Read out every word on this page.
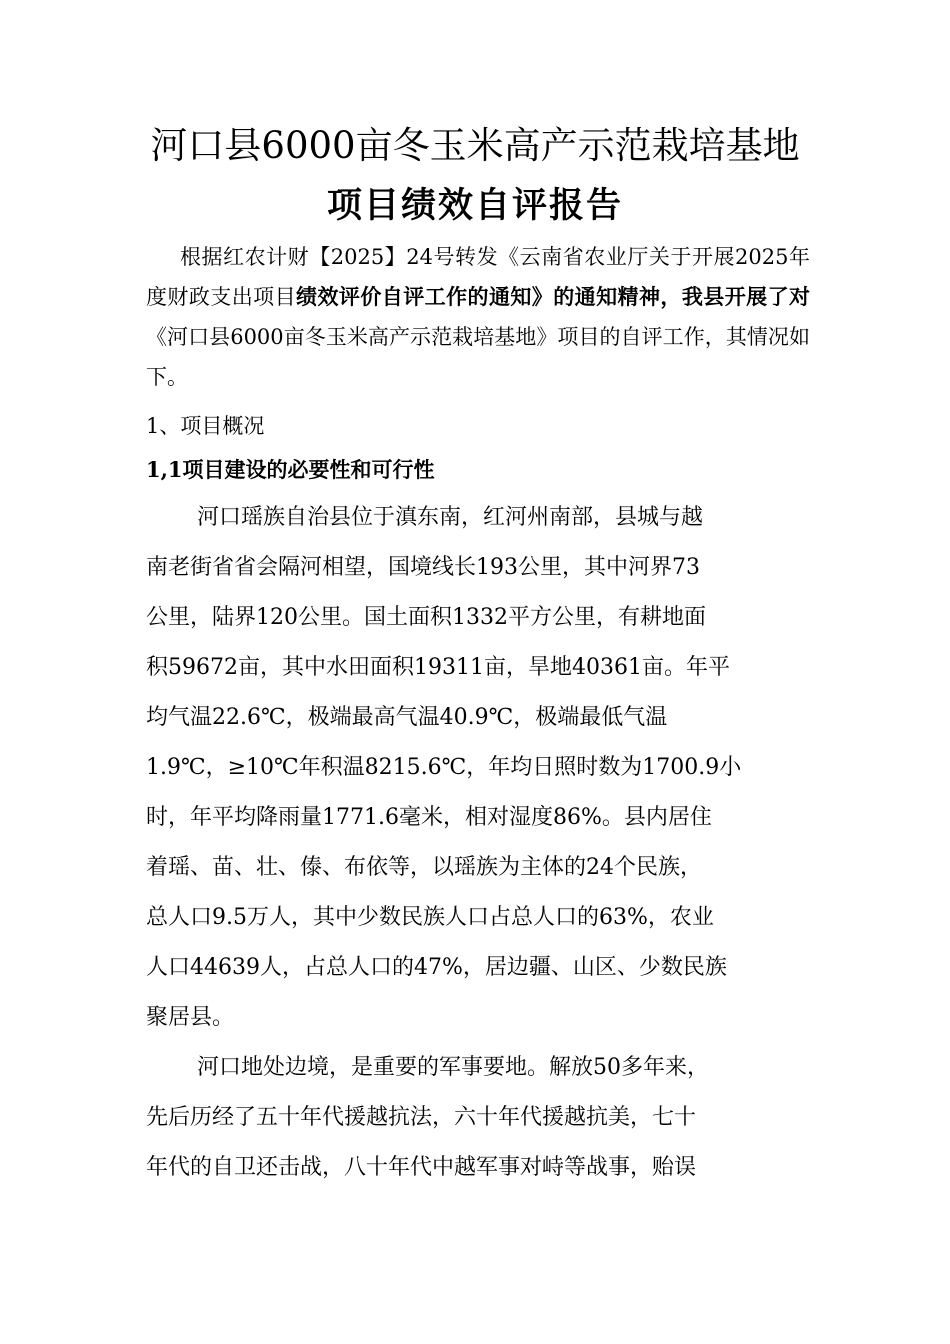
河口县6000亩冬玉米高产示范栽培基地
项目绩效自评报告

根据红农计财【2025】24号转发《云南省农业厅关于开展2025年度财政支出项目绩效评价自评工作的通知》的通知精神，我县开展了对《河口县6000亩冬玉米高产示范栽培基地》项目的自评工作，其情况如下。

1、项目概况
1,1项目建设的必要性和可行性

河口瑶族自治县位于滇东南，红河州南部，县城与越

南老街省省会隔河相望，国境线长193公里，其中河界73

公里，陆界120公里。国土面积1332平方公里，有耕地面

积59672亩，其中水田面积19311亩，旱地40361亩。年平

均气温22.6℃，极端最高气温40.9℃，极端最低气温

1.9℃，≥10℃年积温8215.6℃，年均日照时数为1700.9小

时，年平均降雨量1771.6毫米，相对湿度86%。县内居住

着瑶、苗、壮、傣、布依等，以瑶族为主体的24个民族，

总人口9.5万人，其中少数民族人口占总人口的63%，农业

人口44639人，占总人口的47%，居边疆、山区、少数民族

聚居县。

河口地处边境，是重要的军事要地。解放50多年来，

先后历经了五十年代援越抗法，六十年代援越抗美，七十

年代的自卫还击战，八十年代中越军事对峙等战事，贻误
